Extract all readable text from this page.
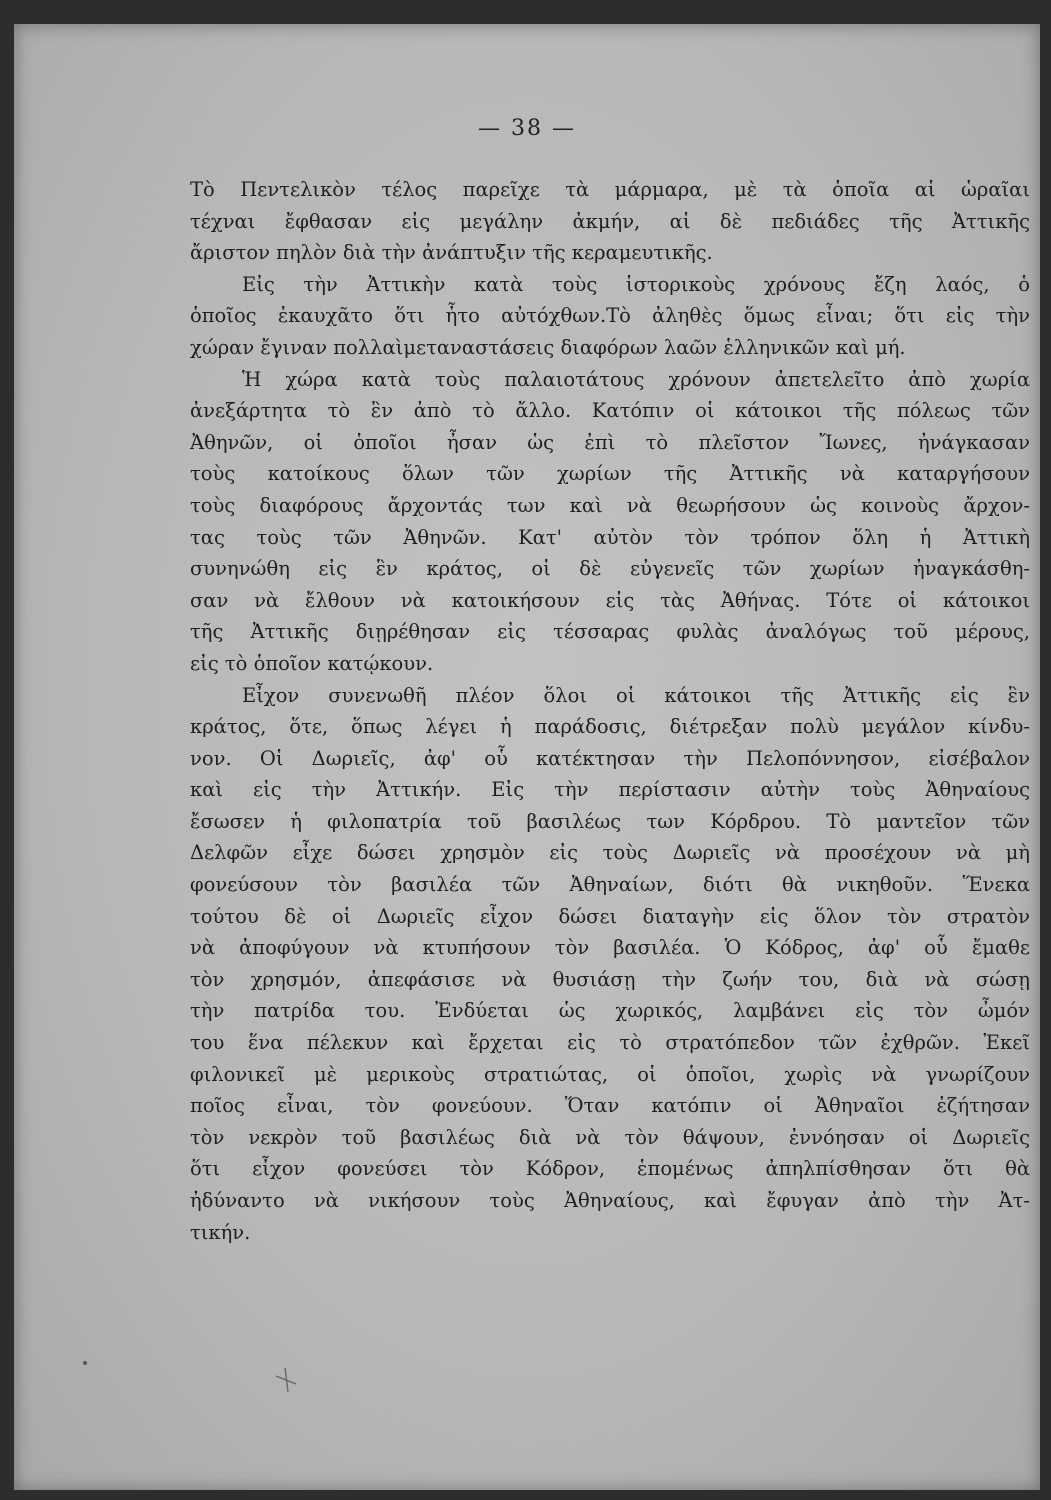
— 38 —
Τὸ Πεντελικὸν τέλος παρεῖχε τὰ μάρμαρα, μὲ τὰ ὁποῖα αἱ ὡραῖαι
τέχναι ἔφθασαν εἰς μεγάλην ἀκμήν, αἱ δὲ πεδιάδες τῆς Ἀττικῆς
ἄριστον πηλὸν διὰ τὴν ἀνάπτυξιν τῆς κεραμευτικῆς.
Εἰς τὴν Ἀττικὴν κατὰ τοὺς ἱστορικοὺς χρόνους ἔζη λαός, ὁ
ὁποῖος ἐκαυχᾶτο ὅτι ἦτο αὐτόχθων.Τὸ ἀληθὲς ὅμως εἶναι; ὅτι εἰς τὴν
χώραν ἔγιναν πολλαὶμεταναστάσεις διαφόρων λαῶν ἑλληνικῶν καὶ μή.
Ἡ χώρα κατὰ τοὺς παλαιοτάτους χρόνουν ἀπετελεῖτο ἀπὸ χωρία
ἀνεξάρτητα τὸ ἓν ἀπὸ τὸ ἄλλο. Κατόπιν οἱ κάτοικοι τῆς πόλεως τῶν
Ἀθηνῶν, οἱ ὁποῖοι ἦσαν ὡς ἐπὶ τὸ πλεῖστον Ἴωνες, ἠνάγκασαν
τοὺς κατοίκους ὅλων τῶν χωρίων τῆς Ἀττικῆς νὰ καταργήσουν
τοὺς διαφόρους ἄρχοντάς των καὶ νὰ θεωρήσουν ὡς κοινοὺς ἄρχον-
τας τοὺς τῶν Ἀθηνῶν. Κατ' αὐτὸν τὸν τρόπον ὅλη ἡ Ἀττικὴ
συνηνώθη εἰς ἓν κράτος, οἱ δὲ εὐγενεῖς τῶν χωρίων ἠναγκάσθη-
σαν νὰ ἔλθουν νὰ κατοικήσουν εἰς τὰς Ἀθήνας. Τότε οἱ κάτοικοι
τῆς Ἀττικῆς διῃρέθησαν εἰς τέσσαρας φυλὰς ἀναλόγως τοῦ μέρους,
εἰς τὸ ὁποῖον κατῴκουν.
Εἶχον συνενωθῆ πλέον ὅλοι οἱ κάτοικοι τῆς Ἀττικῆς εἰς ἓν
κράτος, ὅτε, ὅπως λέγει ἡ παράδοσις, διέτρεξαν πολὺ μεγάλον κίνδυ-
νον. Οἱ Δωριεῖς, ἀφ' οὗ κατέκτησαν τὴν Πελοπόννησον, εἰσέβαλον
καὶ εἰς τὴν Ἀττικήν. Εἰς τὴν περίστασιν αὐτὴν τοὺς Ἀθηναίους
ἔσωσεν ἡ φιλοπατρία τοῦ βασιλέως των Κόρδρου. Τὸ μαντεῖον τῶν
Δελφῶν εἶχε δώσει χρησμὸν εἰς τοὺς Δωριεῖς νὰ προσέχουν νὰ μὴ
φονεύσουν τὸν βασιλέα τῶν Ἀθηναίων, διότι θὰ νικηθοῦν. Ἕνεκα
τούτου δὲ οἱ Δωριεῖς εἶχον δώσει διαταγὴν εἰς ὅλον τὸν στρατὸν
νὰ ἀποφύγουν νὰ κτυπήσουν τὸν βασιλέα. Ὁ Κόδρος, ἀφ' οὗ ἔμαθε
τὸν χρησμόν, ἀπεφάσισε νὰ θυσιάσῃ τὴν ζωήν του, διὰ νὰ σώσῃ
τὴν πατρίδα του. Ἐνδύεται ὡς χωρικός, λαμβάνει εἰς τὸν ὦμόν
του ἕνα πέλεκυν καὶ ἔρχεται εἰς τὸ στρατόπεδον τῶν ἐχθρῶν. Ἐκεῖ
φιλονικεῖ μὲ μερικοὺς στρατιώτας, οἱ ὁποῖοι, χωρὶς νὰ γνωρίζουν
ποῖος εἶναι, τὸν φονεύουν. Ὅταν κατόπιν οἱ Ἀθηναῖοι ἐζήτησαν
τὸν νεκρὸν τοῦ βασιλέως διὰ νὰ τὸν θάψουν, ἐννόησαν οἱ Δωριεῖς
ὅτι εἶχον φονεύσει τὸν Κόδρον, ἑπομένως ἀπηλπίσθησαν ὅτι θὰ
ἠδύναντο νὰ νικήσουν τοὺς Ἀθηναίους, καὶ ἔφυγαν ἀπὸ τὴν Ἀτ-
τικήν.
